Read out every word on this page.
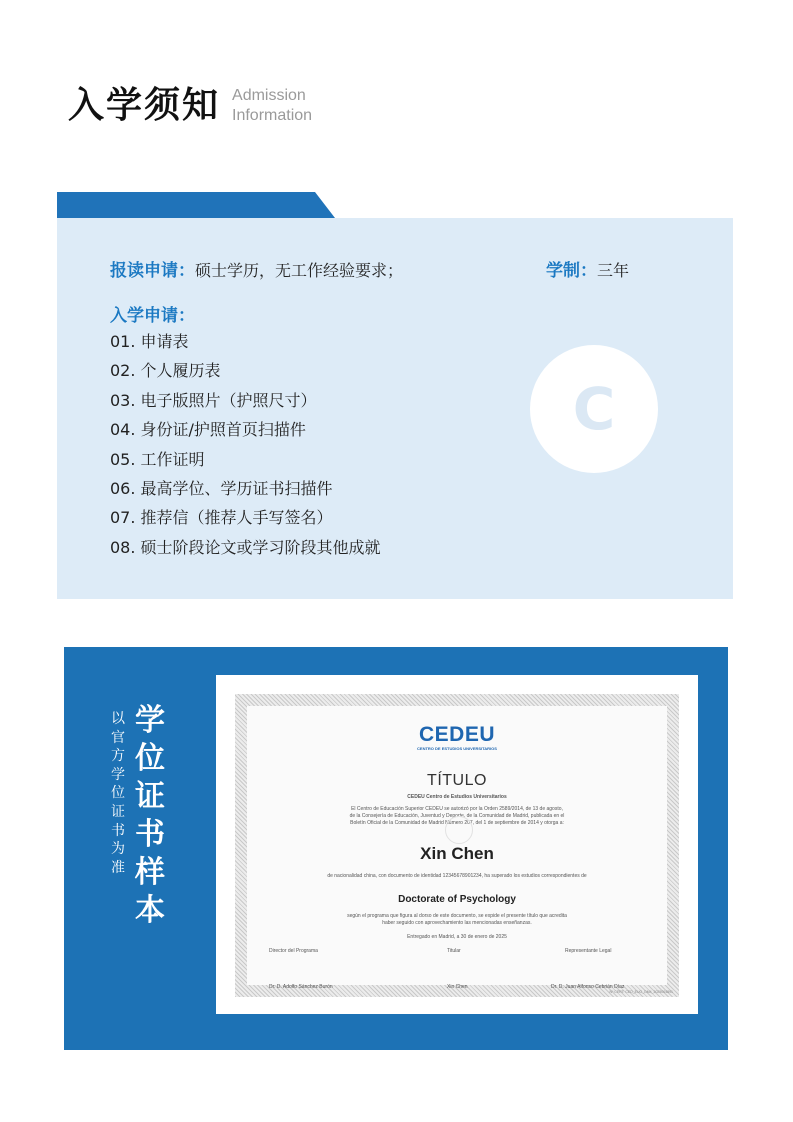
入学须知 Admission
Information
报读申请：硕士学历，无工作经验要求；	学制：三年
入学申请：
01. 申请表
02. 个人履历表
03. 电子版照片（护照尺寸）
04. 身份证/护照首页扫描件
05. 工作证明
06. 最高学位、学历证书扫描件
07. 推荐信（推荐人手写签名）
08. 硕士阶段论文或学习阶段其他成就
C
以
官
方
学
位
证
书
为
准
学
位
证
书
样
本
CEDEU
CENTRO DE ESTUDIOS UNIVERSITARIOS
TÍTULO
CEDEU Centro de Estudios Universitarios
El Centro de Educación Superior CEDEU se autorizó por la Orden 2589/2014, de 13 de agosto,
de la Consejería de Educación, Juventud y Deporte, de la Comunidad de Madrid, publicada en el
Boletín Oficial de la Comunidad de Madrid Número 207, del 1 de septiembre de 2014 y otorga a:
Xin Chen
de nacionalidad china, con documento de identidad 12345678901234, ha superado los estudios correspondientes de
Doctorate of Psychology
según el programa que figura al dorso de este documento, se expide el presente título que acredita
haber seguido con aprovechamiento las mencionadas enseñanzas.
Entregado en Madrid, a 30 de enero de 2025
Director del Programa	Titular	Representante Legal
Dr. D. Adolfo Sánchez Burón	Xin Chen	Dr. D. Juan Alfonso Cebrián Díaz
Nº CERT: CED_EUG_DM4_2025004891
